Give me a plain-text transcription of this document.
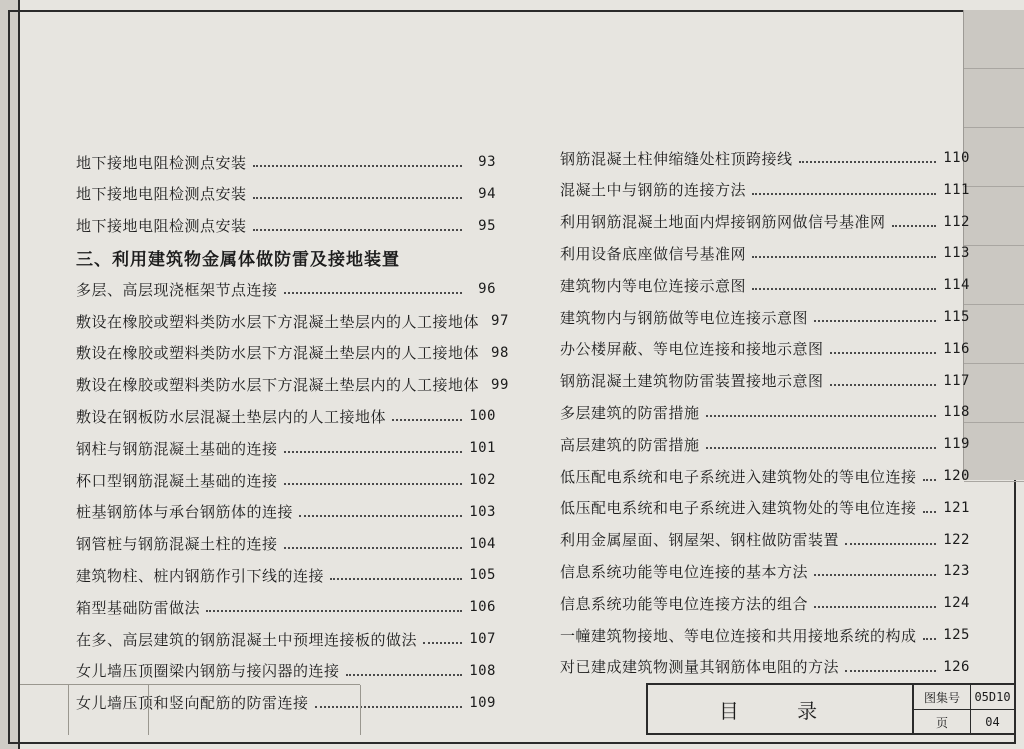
地下接地电阻检测点安装	93
地下接地电阻检测点安装	94
地下接地电阻检测点安装	95
三、利用建筑物金属体做防雷及接地装置
多层、高层现浇框架节点连接	96
敷设在橡胶或塑料类防水层下方混凝土垫层内的人工接地体 97
敷设在橡胶或塑料类防水层下方混凝土垫层内的人工接地体 98
敷设在橡胶或塑料类防水层下方混凝土垫层内的人工接地体 99
敷设在钢板防水层混凝土垫层内的人工接地体	100
钢柱与钢筋混凝土基础的连接	101
杯口型钢筋混凝土基础的连接	102
桩基钢筋体与承台钢筋体的连接	103
钢管桩与钢筋混凝土柱的连接	104
建筑物柱、桩内钢筋作引下线的连接	105
箱型基础防雷做法	106
在多、高层建筑的钢筋混凝土中预埋连接板的做法	107
女儿墙压顶圈梁内钢筋与接闪器的连接	108
女儿墙压顶和竖向配筋的防雷连接	109
钢筋混凝土柱伸缩缝处柱顶跨接线	110
混凝土中与钢筋的连接方法	111
利用钢筋混凝土地面内焊接钢筋网做信号基准网	112
利用设备底座做信号基准网	113
建筑物内等电位连接示意图	114
建筑物内与钢筋做等电位连接示意图	115
办公楼屏蔽、等电位连接和接地示意图	116
钢筋混凝土建筑物防雷装置接地示意图	117
多层建筑的防雷措施	118
高层建筑的防雷措施	119
低压配电系统和电子系统进入建筑物处的等电位连接 120
低压配电系统和电子系统进入建筑物处的等电位连接 121
利用金属屋面、钢屋架、钢柱做防雷装置	122
信息系统功能等电位连接的基本方法	123
信息系统功能等电位连接方法的组合	124
一幢建筑物接地、等电位连接和共用接地系统的构成 125
对已建成建筑物测量其钢筋体电阻的方法	126
目 录
图集号	05D10
页	04
